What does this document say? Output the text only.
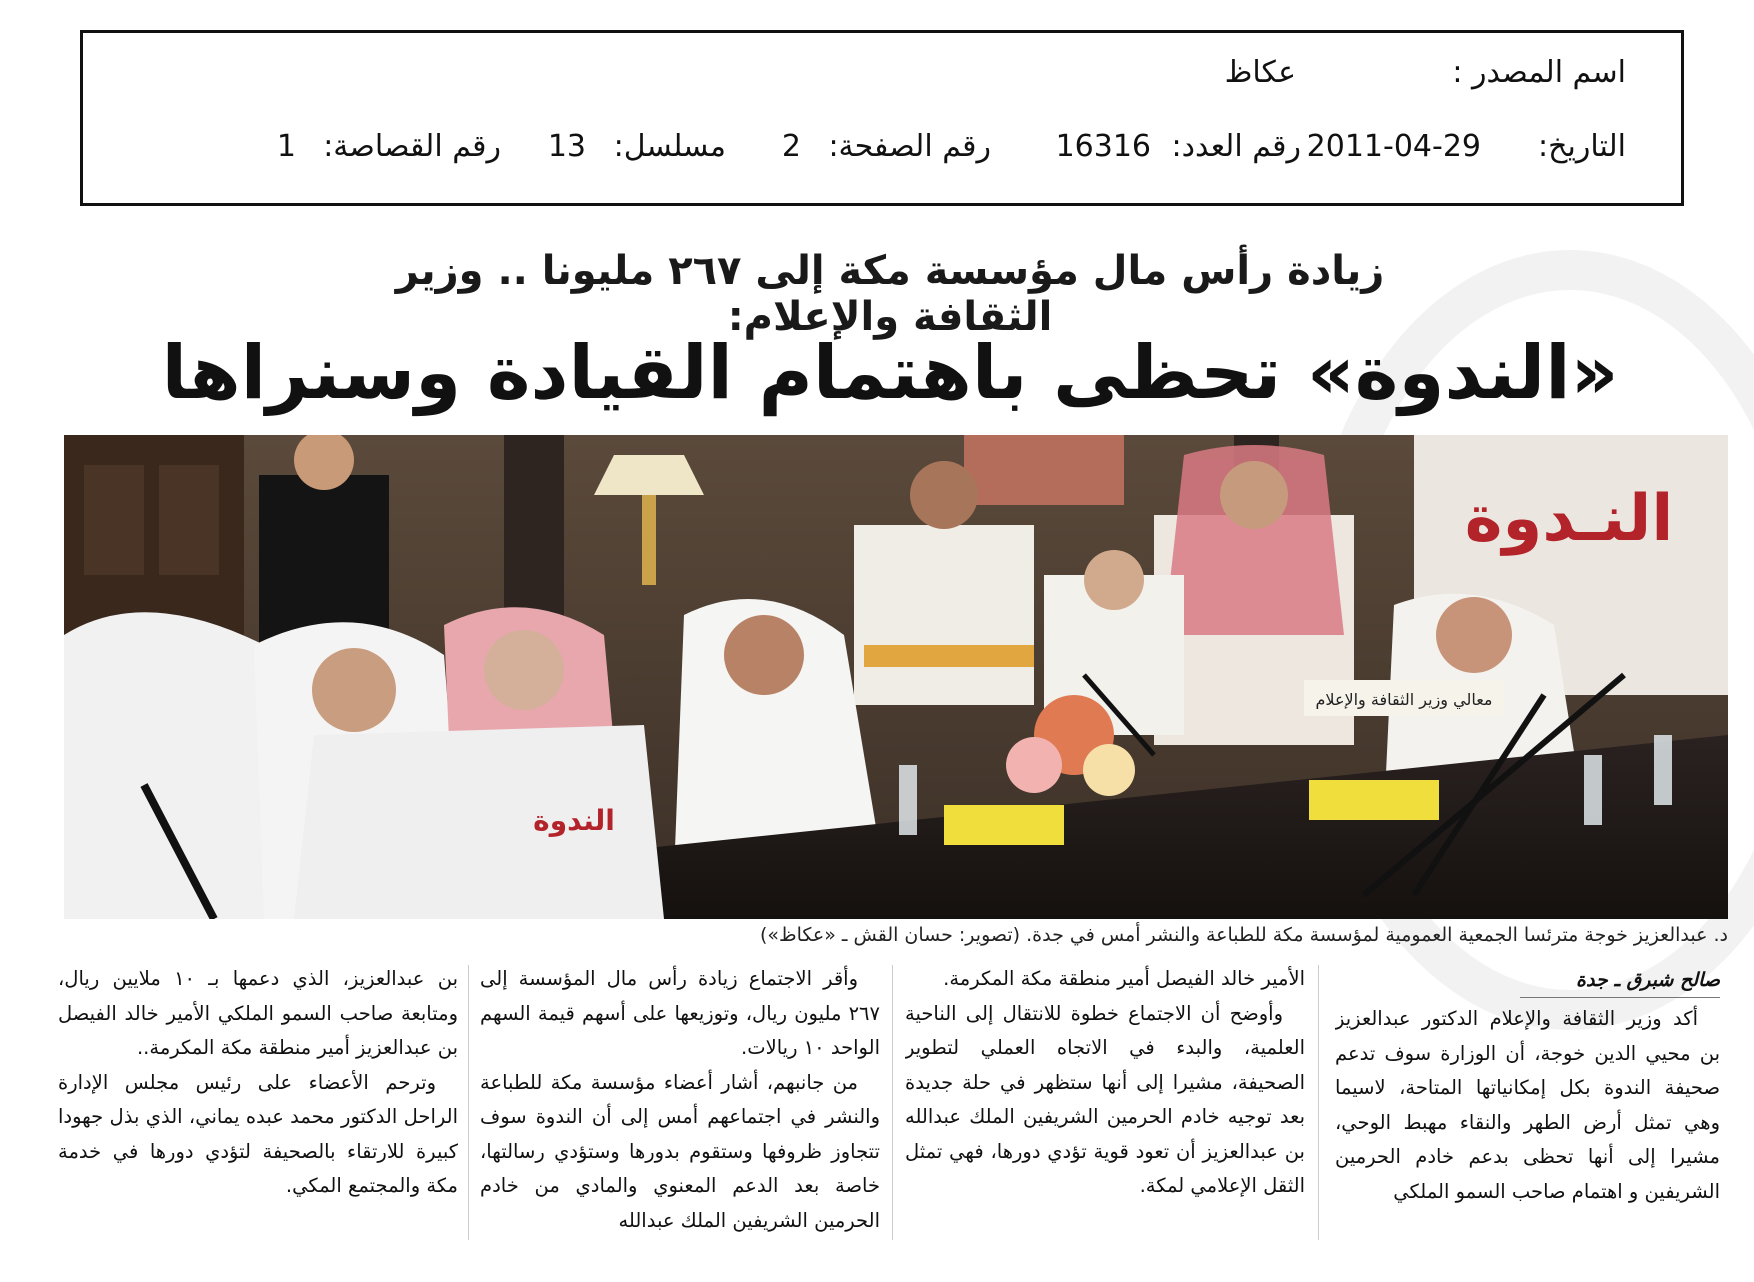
اسم المصدر :
عكاظ
التاريخ:
2011-04-29
رقم العدد:
16316
رقم الصفحة:
2
مسلسل:
13
رقم القصاصة:
1
زيادة رأس مال مؤسسة مكة إلى ٢٦٧ مليونا .. وزير الثقافة والإعلام:
«الندوة» تحظى باهتمام القيادة وسنراها
النـدوة
معالي وزير الثقافة والإعلام
الندوة
د. عبدالعزيز خوجة مترئسا الجمعية العمومية لمؤسسة مكة للطباعة والنشر أمس في جدة. (تصوير: حسان القش ـ «عكاظ»)
صالح شبرق ـ جدة

أكد وزير الثقافة والإعلام الدكتور عبدالعزيز بن محيي الدين خوجة، أن الوزارة سوف تدعم صحيفة الندوة بكل إمكانياتها المتاحة، لاسيما وهي تمثل أرض الطهر والنقاء مهبط الوحي، مشيرا إلى أنها تحظى بدعم خادم الحرمين الشريفين و اهتمام صاحب السمو الملكي

الأمير خالد الفيصل أمير منطقة مكة المكرمة.

وأوضح أن الاجتماع خطوة للانتقال إلى الناحية العلمية، والبدء في الاتجاه العملي لتطوير الصحيفة، مشيرا إلى أنها ستظهر في حلة جديدة بعد توجيه خادم الحرمين الشريفين الملك عبدالله بن عبدالعزيز أن تعود قوية تؤدي دورها، فهي تمثل الثقل الإعلامي لمكة.

وأقر الاجتماع زيادة رأس مال المؤسسة إلى ٢٦٧ مليون ريال، وتوزيعها على أسهم قيمة السهم الواحد ١٠ ريالات.

من جانبهم، أشار أعضاء مؤسسة مكة للطباعة والنشر في اجتماعهم أمس إلى أن الندوة سوف تتجاوز ظروفها وستقوم بدورها وستؤدي رسالتها، خاصة بعد الدعم المعنوي والمادي من خادم الحرمين الشريفين الملك عبدالله

بن عبدالعزيز، الذي دعمها بـ ١٠ ملايين ريال، ومتابعة صاحب السمو الملكي الأمير خالد الفيصل بن عبدالعزيز أمير منطقة مكة المكرمة..

وترحم الأعضاء على رئيس مجلس الإدارة الراحل الدكتور محمد عبده يماني، الذي بذل جهودا كبيرة للارتقاء بالصحيفة لتؤدي دورها في خدمة مكة والمجتمع المكي.
